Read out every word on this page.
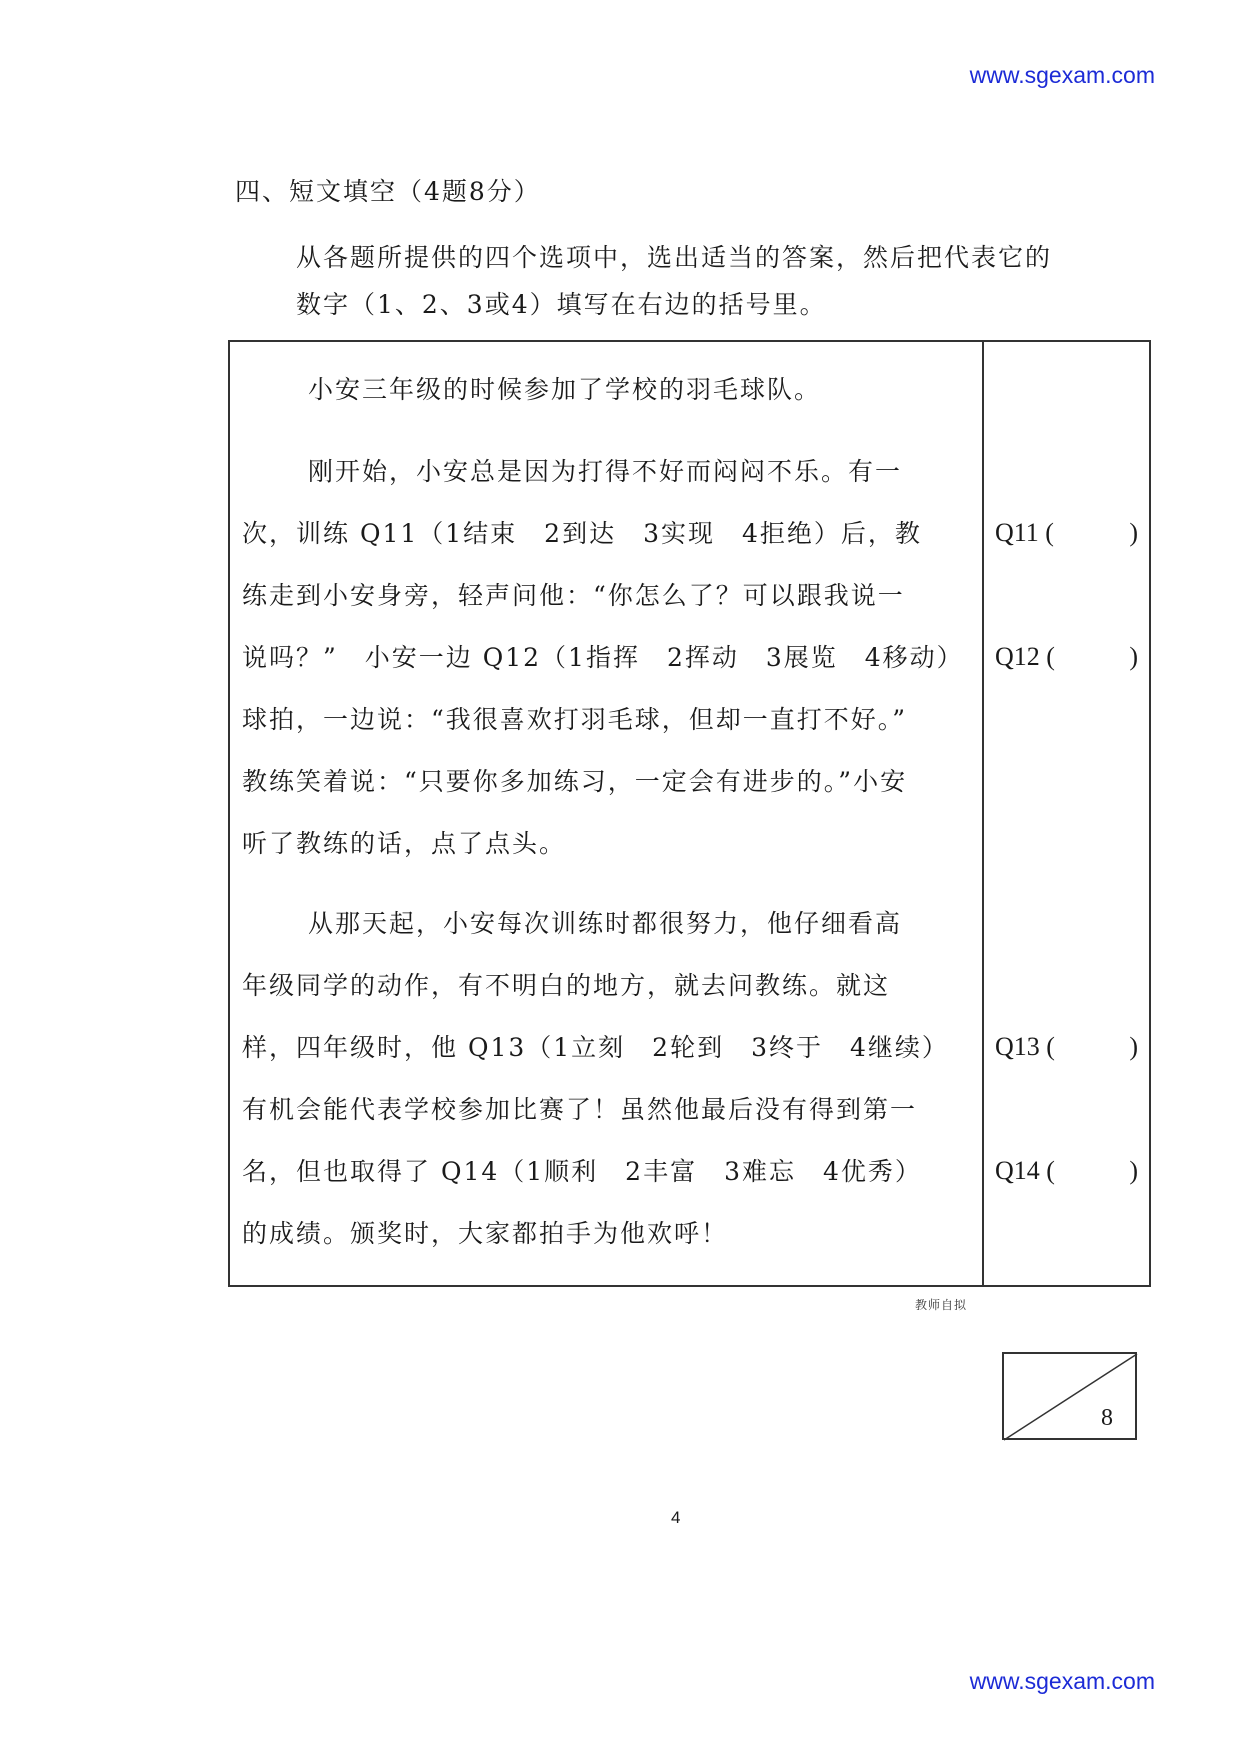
www.sgexam.com
四、短文填空（4题8分）
从各题所提供的四个选项中，选出适当的答案，然后把代表它的
数字（1、2、3或4）填写在右边的括号里。
小安三年级的时候参加了学校的羽毛球队。
刚开始，小安总是因为打得不好而闷闷不乐。有一
次，训练 Q11（1结束　2到达　3实现　4拒绝）后，教
练走到小安身旁，轻声问他：“你怎么了？可以跟我说一
说吗？”　小安一边 Q12（1指挥　2挥动　3展览　4移动）
球拍，一边说：“我很喜欢打羽毛球，但却一直打不好。”
教练笑着说：“只要你多加练习，一定会有进步的。”小安
听了教练的话，点了点头。
从那天起，小安每次训练时都很努力，他仔细看高
年级同学的动作，有不明白的地方，就去问教练。就这
样，四年级时，他 Q13（1立刻　2轮到　3终于　4继续）
有机会能代表学校参加比赛了！虽然他最后没有得到第一
名，但也取得了 Q14（1顺利　2丰富　3难忘　4优秀）
的成绩。颁奖时，大家都拍手为他欢呼！
Q11 (	)
Q12 (	)
Q13 (	)
Q14 (	)
教师自拟
8
4
www.sgexam.com
